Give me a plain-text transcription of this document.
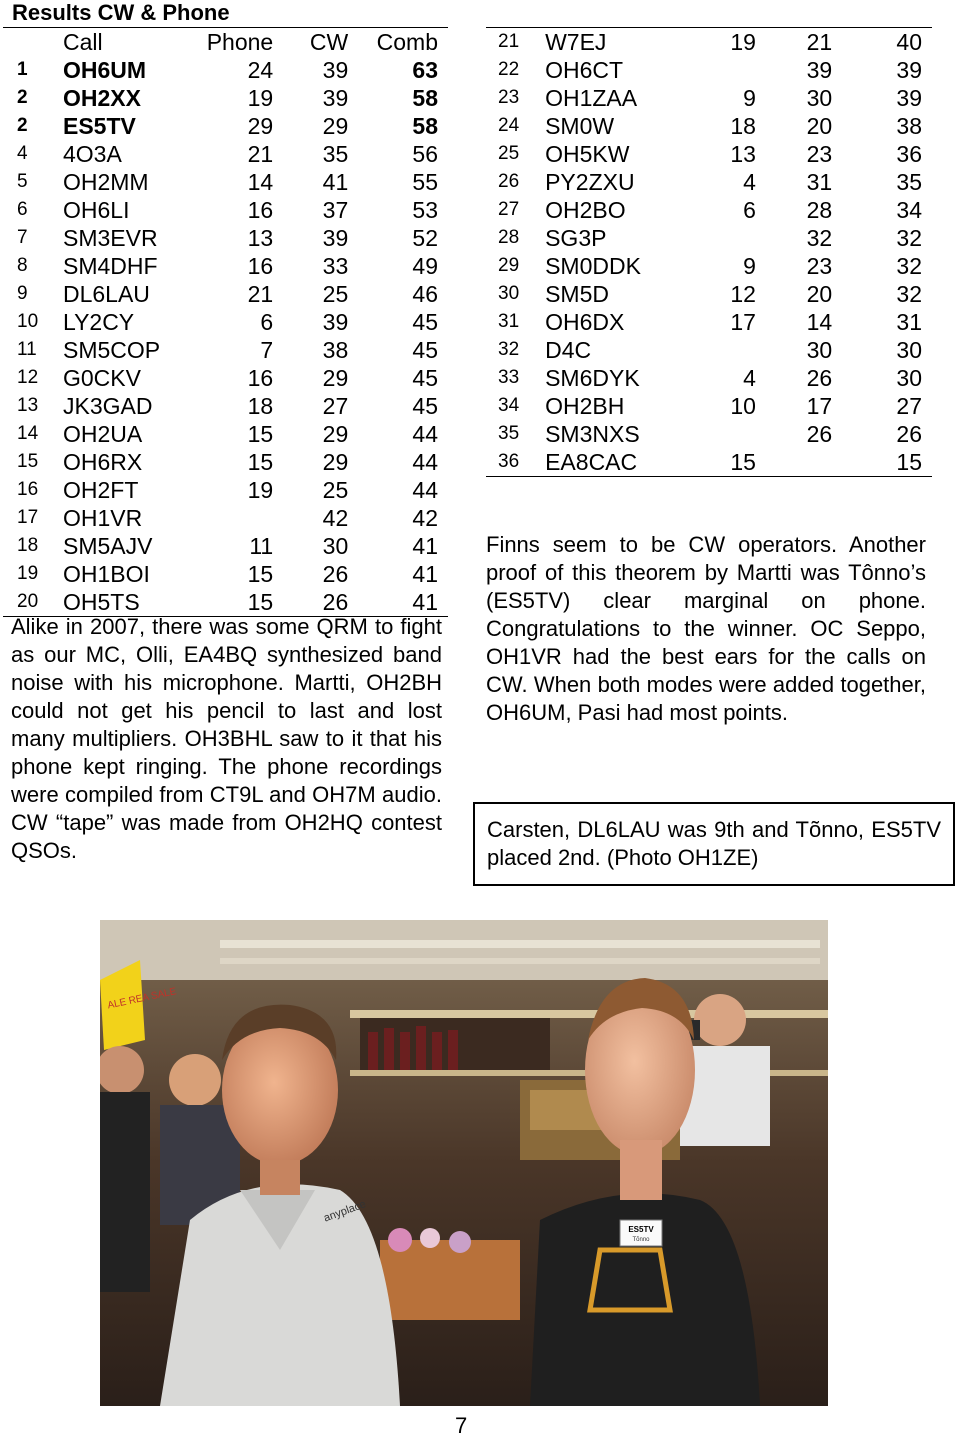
Results CW & Phone
	Call	Phone	CW	Comb
1	OH6UM	24	39	63
2	OH2XX	19	39	58
2	ES5TV	29	29	58
4	4O3A	21	35	56
5	OH2MM	14	41	55
6	OH6LI	16	37	53
7	SM3EVR	13	39	52
8	SM4DHF	16	33	49
9	DL6LAU	21	25	46
10	LY2CY	6	39	45
11	SM5COP	7	38	45
12	G0CKV	16	29	45
13	JK3GAD	18	27	45
14	OH2UA	15	29	44
15	OH6RX	15	29	44
16	OH2FT	19	25	44
17	OH1VR		42	42
18	SM5AJV	11	30	41
19	OH1BOI	15	26	41
20	OH5TS	15	26	41
21	W7EJ	19	21	40
22	OH6CT		39	39
23	OH1ZAA	9	30	39
24	SM0W	18	20	38
25	OH5KW	13	23	36
26	PY2ZXU	4	31	35
27	OH2BO	6	28	34
28	SG3P		32	32
29	SM0DDK	9	23	32
30	SM5D	12	20	32
31	OH6DX	17	14	31
32	D4C		30	30
33	SM6DYK	4	26	30
34	OH2BH	10	17	27
35	SM3NXS		26	26
36	EA8CAC	15		15
Alike in 2007, there was some QRM to fight as our MC, Olli, EA4BQ synthesized band noise with his microphone. Martti, OH2BH could not get his pencil to last and lost many multipliers. OH3BHL saw to it that his phone kept ringing. The phone recordings were compiled from CT9L and OH7M audio. CW “tape” was made from OH2HQ contest QSOs.
Finns seem to be CW operators. Another proof of this theorem by Martti was Tônno’s (ES5TV) clear marginal on phone. Congratulations to the winner. OC Seppo, OH1VR had the best ears for the calls on CW. When both modes were added together, OH6UM, Pasi had most points.
Carsten, DL6LAU was 9th and Tõnno, ES5TV placed 2nd. (Photo OH1ZE)
ALE REA SALE
anyplace
ES5TV
Tõnno
7
